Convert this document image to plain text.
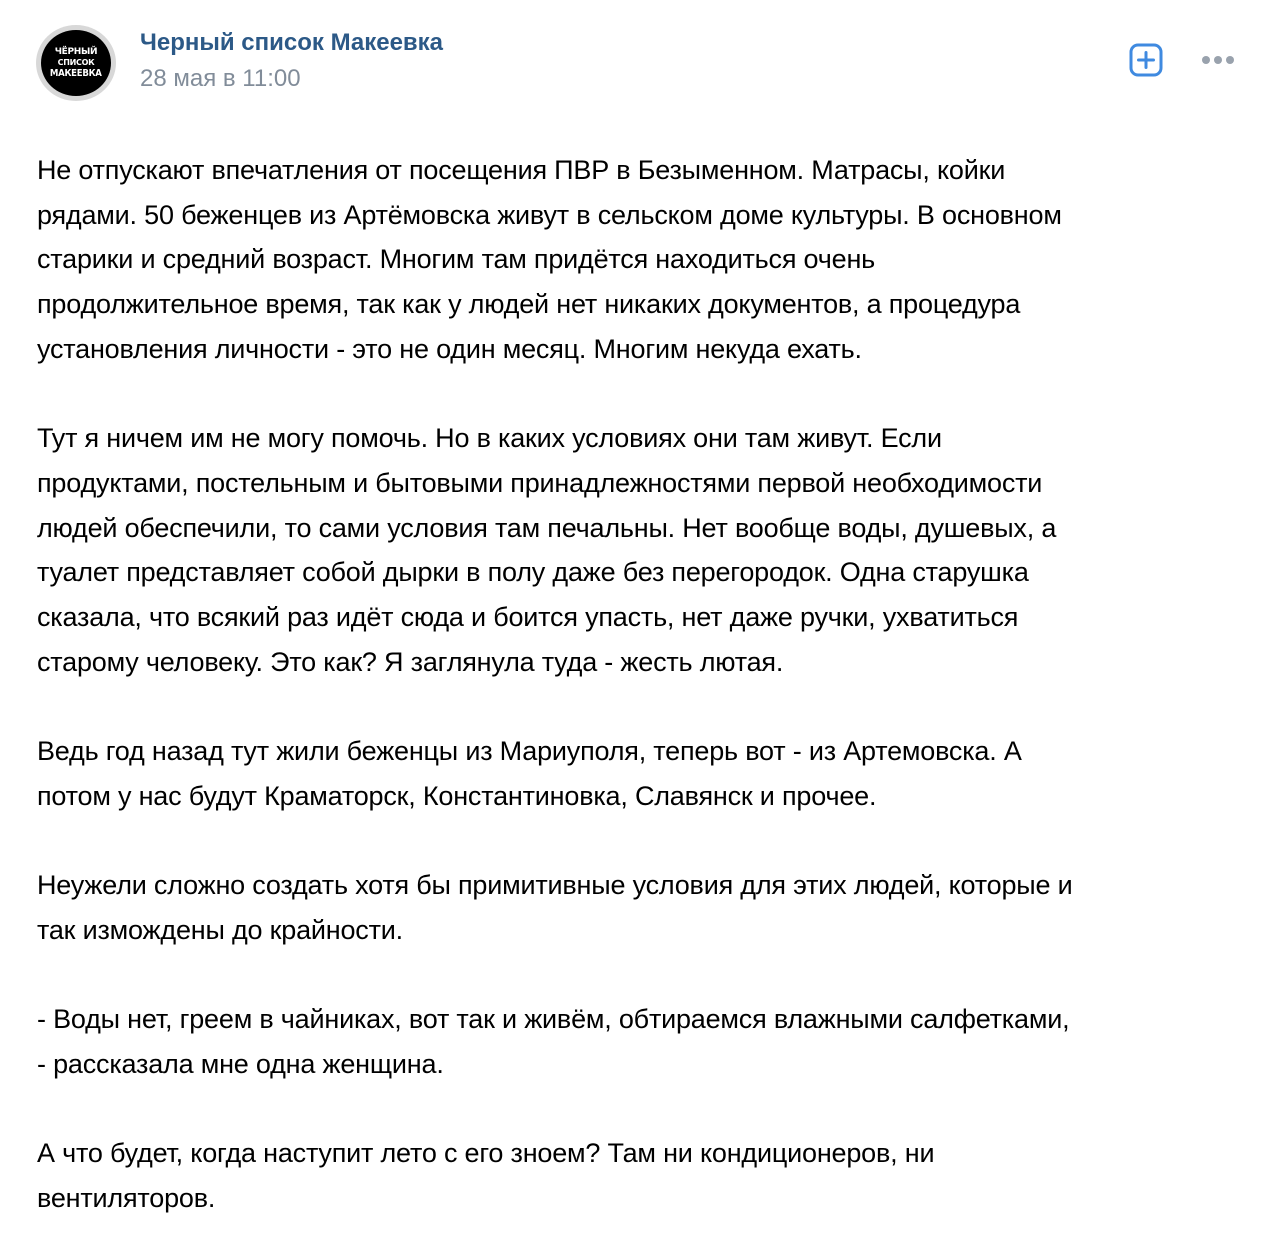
ЧЁРНЫЙ
СПИСОК
МАКЕЕВКА
Черный список Макеевка
28 мая в 11:00

Не отпускают впечатления от посещения ПВР в Безыменном. Матрасы, койки
рядами. 50 беженцев из Артёмовска живут в сельском доме культуры. В основном
старики и средний возраст. Многим там придётся находиться очень
продолжительное время, так как у людей нет никаких документов, а процедура
установления личности - это не один месяц. Многим некуда ехать.

Тут я ничем им не могу помочь. Но в каких условиях они там живут. Если
продуктами, постельным и бытовыми принадлежностями первой необходимости
людей обеспечили, то сами условия там печальны. Нет вообще воды, душевых, а
туалет представляет собой дырки в полу даже без перегородок. Одна старушка
сказала, что всякий раз идёт сюда и боится упасть, нет даже ручки, ухватиться
старому человеку. Это как? Я заглянула туда - жесть лютая.

Ведь год назад тут жили беженцы из Мариуполя, теперь вот - из Артемовска. А
потом у нас будут Краматорск, Константиновка, Славянск и прочее.

Неужели сложно создать хотя бы примитивные условия для этих людей, которые и
так измождены до крайности.

- Воды нет, греем в чайниках, вот так и живём, обтираемся влажными салфетками,
- рассказала мне одна женщина.

А что будет, когда наступит лето с его зноем? Там ни кондиционеров, ни
вентиляторов.
